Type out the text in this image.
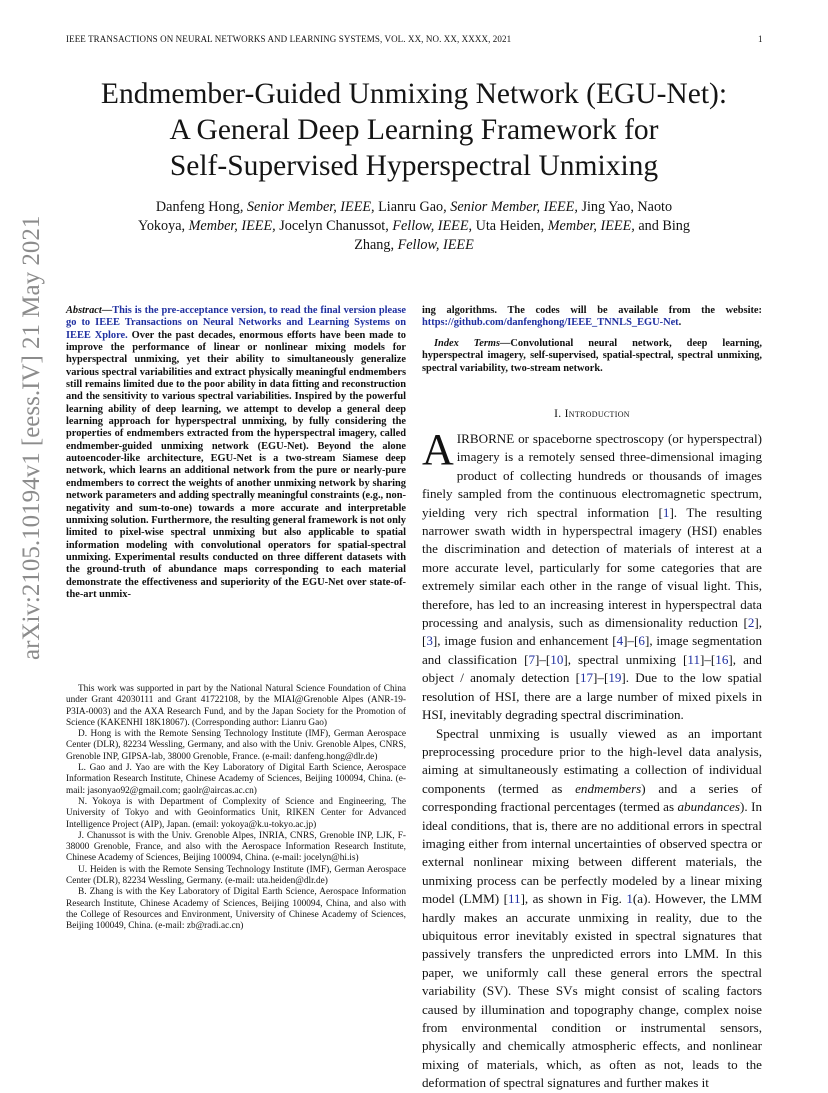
IEEE TRANSACTIONS ON NEURAL NETWORKS AND LEARNING SYSTEMS, VOL. XX, NO. XX, XXXX, 2021	1
Endmember-Guided Unmixing Network (EGU-Net):
A General Deep Learning Framework for
Self-Supervised Hyperspectral Unmixing
Danfeng Hong, Senior Member, IEEE, Lianru Gao, Senior Member, IEEE, Jing Yao, Naoto
Yokoya, Member, IEEE, Jocelyn Chanussot, Fellow, IEEE, Uta Heiden, Member, IEEE, and Bing
Zhang, Fellow, IEEE
arXiv:2105.10194v1 [eess.IV] 21 May 2021	Abstract—This is the pre-acceptance version, to read the final version please go to IEEE Transactions on Neural Networks and Learning Systems on IEEE Xplore. Over the past decades, enormous efforts have been made to improve the performance of linear or nonlinear mixing models for hyperspectral unmixing, yet their ability to simultaneously generalize various spectral variabilities and extract physically meaningful endmembers still remains limited due to the poor ability in data fitting and reconstruction and the sensitivity to various spectral variabilities. Inspired by the powerful learning ability of deep learning, we attempt to develop a general deep learning approach for hyperspectral unmixing, by fully considering the properties of endmembers extracted from the hyperspectral imagery, called endmember-guided unmixing network (EGU-Net). Beyond the alone autoencoder-like architecture, EGU-Net is a two-stream Siamese deep network, which learns an additional network from the pure or nearly-pure endmembers to correct the weights of another unmixing network by sharing network parameters and adding spectrally meaningful constraints (e.g., non-negativity and sum-to-one) towards a more accurate and interpretable unmixing solution. Furthermore, the resulting general framework is not only limited to pixel-wise spectral unmixing but also applicable to spatial information modeling with convolutional operators for spatial-spectral unmixing. Experimental results conducted on three different datasets with the ground-truth of abundance maps corresponding to each material demonstrate the effectiveness and superiority of the EGU-Net over state-of-the-art unmix-

This work was supported in part by the National Natural Science Foundation of China under Grant 42030111 and Grant 41722108, by the MIAI@Grenoble Alpes (ANR-19-P3IA-0003) and the AXA Research Fund, and by the Japan Society for the Promotion of Science (KAKENHI 18K18067). (Corresponding author: Lianru Gao)

D. Hong is with the Remote Sensing Technology Institute (IMF), German Aerospace Center (DLR), 82234 Wessling, Germany, and also with the Univ. Grenoble Alpes, CNRS, Grenoble INP, GIPSA-lab, 38000 Grenoble, France. (e-mail: danfeng.hong@dlr.de)

L. Gao and J. Yao are with the Key Laboratory of Digital Earth Science, Aerospace Information Research Institute, Chinese Academy of Sciences, Beijing 100094, China. (e-mail: jasonyao92@gmail.com; gaolr@aircas.ac.cn)

N. Yokoya is with Department of Complexity of Science and Engineering, The University of Tokyo and with Geoinformatics Unit, RIKEN Center for Advanced Intelligence Project (AIP), Japan. (email: yokoya@k.u-tokyo.ac.jp)

J. Chanussot is with the Univ. Grenoble Alpes, INRIA, CNRS, Grenoble INP, LJK, F-38000 Grenoble, France, and also with the Aerospace Information Research Institute, Chinese Academy of Sciences, Beijing 100094, China. (e-mail: jocelyn@hi.is)

U. Heiden is with the Remote Sensing Technology Institute (IMF), German Aerospace Center (DLR), 82234 Wessling, Germany. (e-mail: uta.heiden@dlr.de)

B. Zhang is with the Key Laboratory of Digital Earth Science, Aerospace Information Research Institute, Chinese Academy of Sciences, Beijing 100094, China, and also with the College of Resources and Environment, University of Chinese Academy of Sciences, Beijing 100049, China. (e-mail: zb@radi.ac.cn)

ing algorithms. The codes will be available from the website: https://github.com/danfenghong/IEEE_TNNLS_EGU-Net.
Index Terms—Convolutional neural network, deep learning, hyperspectral imagery, self-supervised, spatial-spectral, spectral unmixing, spectral variability, two-stream network.
I. Introduction

AIRBORNE or spaceborne spectroscopy (or hyperspectral) imagery is a remotely sensed three-dimensional imaging product of collecting hundreds or thousands of images finely sampled from the continuous electromagnetic spectrum, yielding very rich spectral information [1]. The resulting narrower swath width in hyperspectral imagery (HSI) enables the discrimination and detection of materials of interest at a more accurate level, particularly for some categories that are extremely similar each other in the range of visual light. This, therefore, has led to an increasing interest in hyperspectral data processing and analysis, such as dimensionality reduction [2], [3], image fusion and enhancement [4]–[6], image segmentation and classification [7]–[10], spectral unmixing [11]–[16], and object / anomaly detection [17]–[19]. Due to the low spatial resolution of HSI, there are a large number of mixed pixels in HSI, inevitably degrading spectral discrimination.

Spectral unmixing is usually viewed as an important preprocessing procedure prior to the high-level data analysis, aiming at simultaneously estimating a collection of individual components (termed as endmembers) and a series of corresponding fractional percentages (termed as abundances). In ideal conditions, that is, there are no additional errors in spectral imaging either from internal uncertainties of observed spectra or external nonlinear mixing between different materials, the unmixing process can be perfectly modeled by a linear mixing model (LMM) [11], as shown in Fig. 1(a). However, the LMM hardly makes an accurate unmixing in reality, due to the ubiquitous error inevitably existed in spectral signatures that passively transfers the unpredicted errors into LMM. In this paper, we uniformly call these general errors the spectral variability (SV). These SVs might consist of scaling factors caused by illumination and topography change, complex noise from environmental condition or instrumental sensors, physically and chemically atmospheric effects, and nonlinear mixing of materials, which, as often as not, leads to the deformation of spectral signatures and further makes it
